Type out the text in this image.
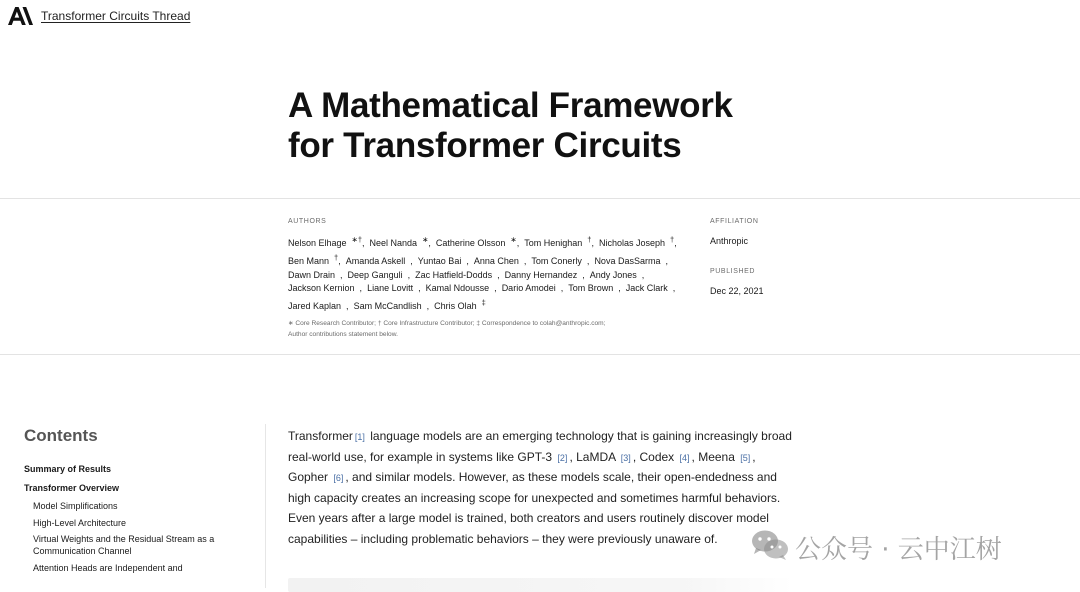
Transformer Circuits Thread
A Mathematical Framework
for Transformer Circuits
AUTHORS
Nelson Elhage ∗†, Neel Nanda ∗, Catherine Olsson ∗, Tom Henighan †, Nicholas Joseph †,
Ben Mann †, Amanda Askell , Yuntao Bai , Anna Chen , Tom Conerly , Nova DasSarma ,
Dawn Drain , Deep Ganguli , Zac Hatfield-Dodds , Danny Hernandez , Andy Jones ,
Jackson Kernion , Liane Lovitt , Kamal Ndousse , Dario Amodei , Tom Brown , Jack Clark ,
Jared Kaplan , Sam McCandlish , Chris Olah ‡
∗ Core Research Contributor; † Core Infrastructure Contributor; ‡ Correspondence to colah@anthropic.com;
Author contributions statement below.
AFFILIATION
Anthropic
PUBLISHED
Dec 22, 2021
Contents
Summary of Results
Transformer Overview
Model Simplifications
High-Level Architecture
Virtual Weights and the Residual Stream as a Communication Channel
Attention Heads are Independent and

Transformer [1] language models are an emerging technology that is gaining increasingly broad real-world use, for example in systems like GPT-3 [2] , LaMDA [3] , Codex [4] , Meena [5] , Gopher [6] , and similar models. However, as these models scale, their open-endedness and high capacity creates an increasing scope for unexpected and sometimes harmful behaviors. Even years after a large model is trained, both creators and users routinely discover model capabilities – including problematic behaviors – they were previously unaware of.	公众号 · 云中江树
